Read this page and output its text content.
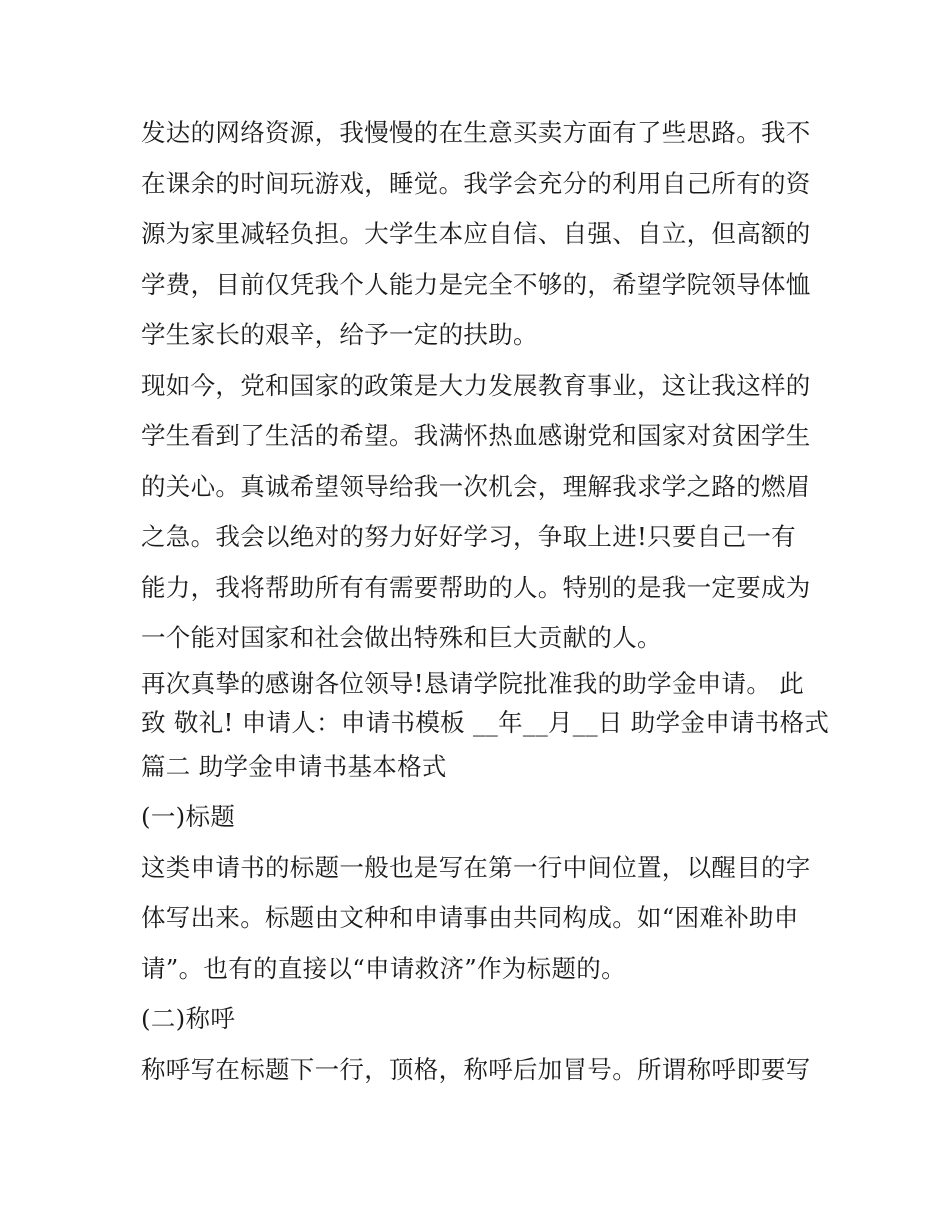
发达的网络资源，我慢慢的在生意买卖方面有了些思路。我不
在课余的时间玩游戏，睡觉。我学会充分的利用自己所有的资
源为家里减轻负担。大学生本应自信、自强、自立，但高额的
学费，目前仅凭我个人能力是完全不够的，希望学院领导体恤
学生家长的艰辛，给予一定的扶助。
现如今，党和国家的政策是大力发展教育事业，这让我这样的
学生看到了生活的希望。我满怀热血感谢党和国家对贫困学生
的关心。真诚希望领导给我一次机会，理解我求学之路的燃眉
之急。我会以绝对的努力好好学习，争取上进!只要自己一有
能力，我将帮助所有有需要帮助的人。特别的是我一定要成为
一个能对国家和社会做出特殊和巨大贡献的人。
再次真挚的感谢各位领导!恳请学院批准我的助学金申请。 此
致 敬礼! 申请人：申请书模板 __年__月__日 助学金申请书格式
篇二 助学金申请书基本格式
(一)标题
这类申请书的标题一般也是写在第一行中间位置，以醒目的字
体写出来。标题由文种和申请事由共同构成。如“困难补助申
请”。也有的直接以“申请救济”作为标题的。
(二)称呼
称呼写在标题下一行，顶格，称呼后加冒号。所谓称呼即要写
